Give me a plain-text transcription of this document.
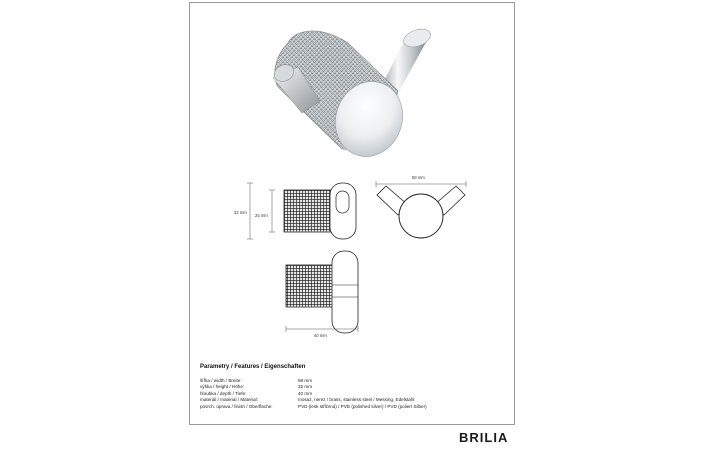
32 mm
25 mm
58 mm
40 mm
Parametry / Features / Eigenschaften
šířka / width / Breite:	58 mm
výška / height / Höhe:	32 mm
hloubka / depth / Tiefe:	40 mm
materiál / material / Material:	mosaz, nerez / brass, stainless steel / Messing, Edelstahl
povrch. úprava / finish / Oberfläche:	PVD (lesk stříbrná) / PVD (polished silver) / PVD (poliert Silber)
BRILIA
